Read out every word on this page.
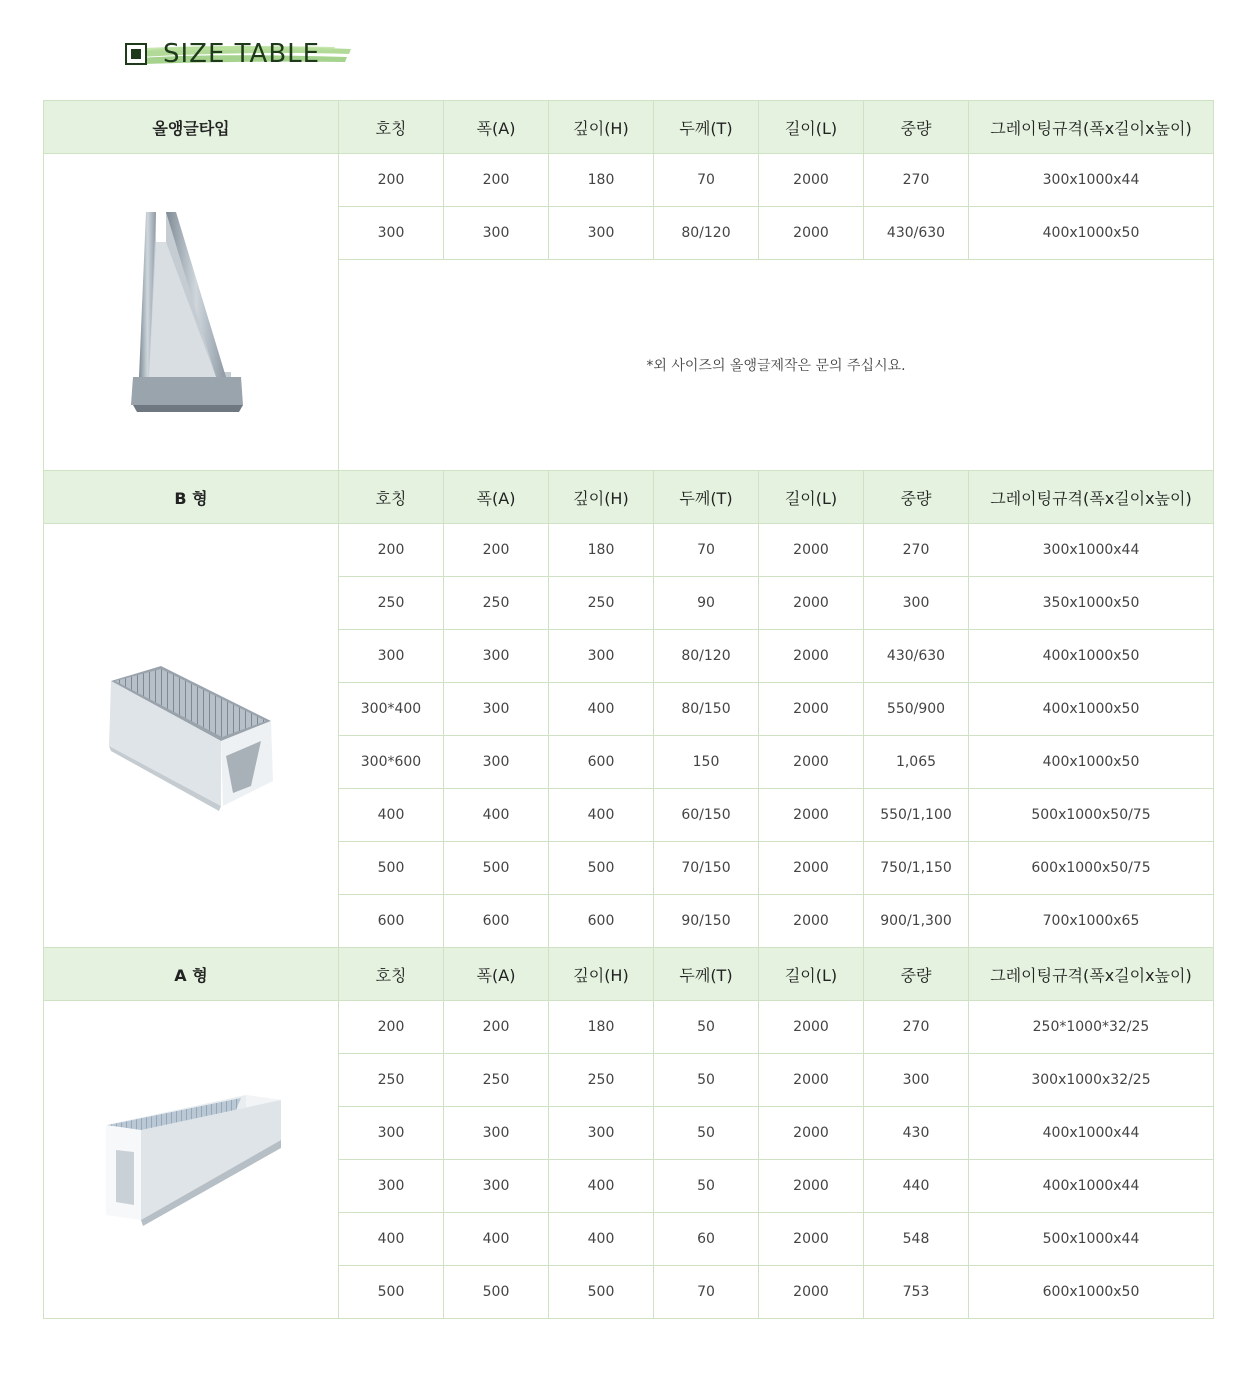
SIZE TABLE
올앵글타입	호칭	폭(A)	깊이(H)	두께(T)	길이(L)	중량	그레이팅규격(폭x길이x높이)

	200	200	180	70	2000	270	300x1000x44
	300	300	300	80/120	2000	430/630	400x1000x50
	*외 사이즈의 올앵글제작은 문의 주십시요.						
B 형	호칭	폭(A)	깊이(H)	두께(T)	길이(L)	중량	그레이팅규격(폭x길이x높이)

	200	200	180	70	2000	270	300x1000x44
	250	250	250	90	2000	300	350x1000x50
	300	300	300	80/120	2000	430/630	400x1000x50
	300*400	300	400	80/150	2000	550/900	400x1000x50
	300*600	300	600	150	2000	1,065	400x1000x50
	400	400	400	60/150	2000	550/1,100	500x1000x50/75
	500	500	500	70/150	2000	750/1,150	600x1000x50/75
	600	600	600	90/150	2000	900/1,300	700x1000x65
A 형	호칭	폭(A)	깊이(H)	두께(T)	길이(L)	중량	그레이팅규격(폭x길이x높이)

	200	200	180	50	2000	270	250*1000*32/25
	250	250	250	50	2000	300	300x1000x32/25
	300	300	300	50	2000	430	400x1000x44
	300	300	400	50	2000	440	400x1000x44
	400	400	400	60	2000	548	500x1000x44
	500	500	500	70	2000	753	600x1000x50
